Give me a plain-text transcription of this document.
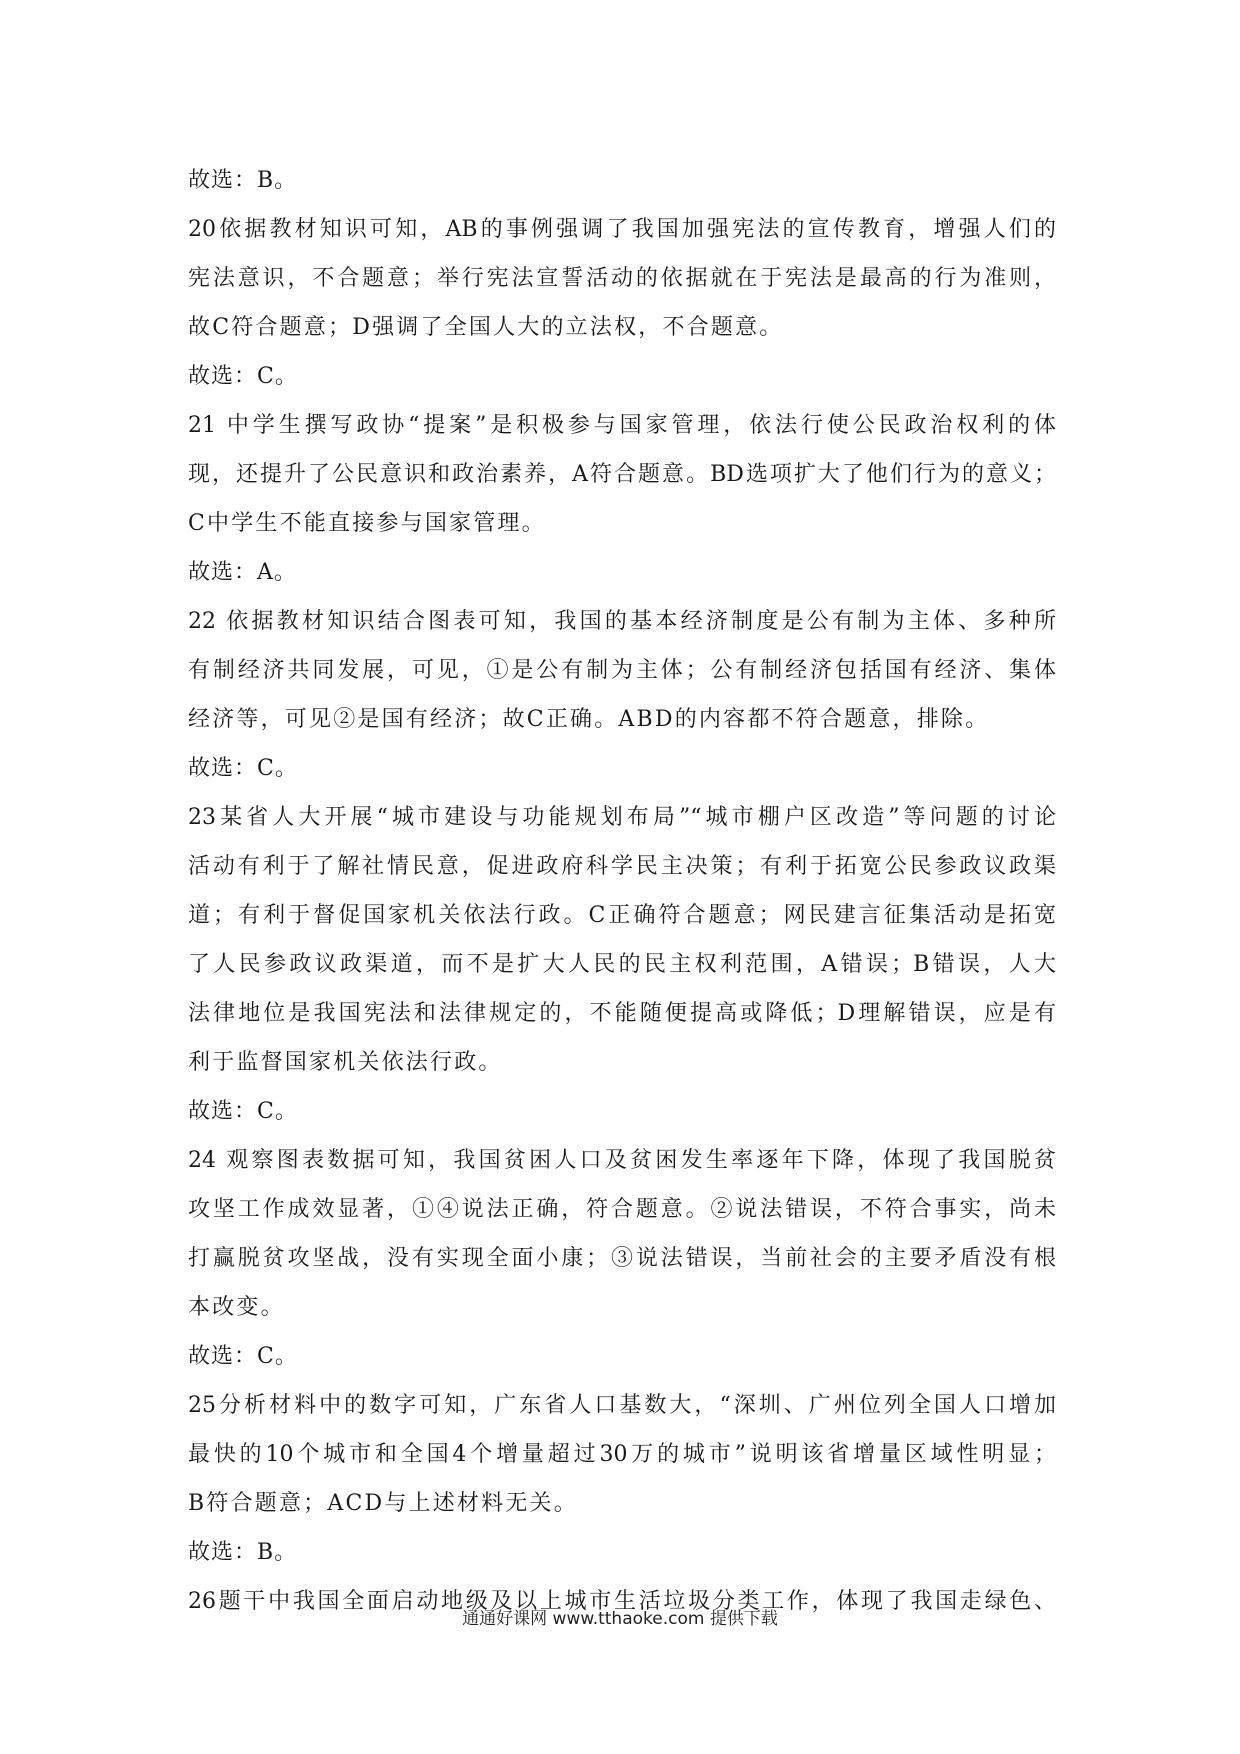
故选：B。
20依据教材知识可知，AB的事例强调了我国加强宪法的宣传教育，增强人们的
宪法意识，不合题意；举行宪法宣誓活动的依据就在于宪法是最高的行为准则，
故C符合题意；D强调了全国人大的立法权，不合题意。
故选：C。
21 中学生撰写政协“提案”是积极参与国家管理，依法行使公民政治权利的体
现，还提升了公民意识和政治素养，A符合题意。BD选项扩大了他们行为的意义；
C中学生不能直接参与国家管理。
故选：A。
22 依据教材知识结合图表可知，我国的基本经济制度是公有制为主体、多种所
有制经济共同发展，可见，①是公有制为主体；公有制经济包括国有经济、集体
经济等，可见②是国有经济；故C正确。ABD的内容都不符合题意，排除。
故选：C。
23某省人大开展“城市建设与功能规划布局”“城市棚户区改造”等问题的讨论
活动有利于了解社情民意，促进政府科学民主决策；有利于拓宽公民参政议政渠
道；有利于督促国家机关依法行政。C正确符合题意；网民建言征集活动是拓宽
了人民参政议政渠道，而不是扩大人民的民主权利范围，A错误；B错误，人大
法律地位是我国宪法和法律规定的，不能随便提高或降低；D理解错误，应是有
利于监督国家机关依法行政。
故选：C。
24 观察图表数据可知，我国贫困人口及贫困发生率逐年下降，体现了我国脱贫
攻坚工作成效显著，①④说法正确，符合题意。②说法错误，不符合事实，尚未
打赢脱贫攻坚战，没有实现全面小康；③说法错误，当前社会的主要矛盾没有根
本改变。
故选：C。
25分析材料中的数字可知，广东省人口基数大，“深圳、广州位列全国人口增加
最快的10个城市和全国4个增量超过30万的城市”说明该省增量区域性明显；
B符合题意；ACD与上述材料无关。
故选：B。
26题干中我国全面启动地级及以上城市生活垃圾分类工作，体现了我国走绿色、
通通好课网 www.tthaoke.com 提供下载
